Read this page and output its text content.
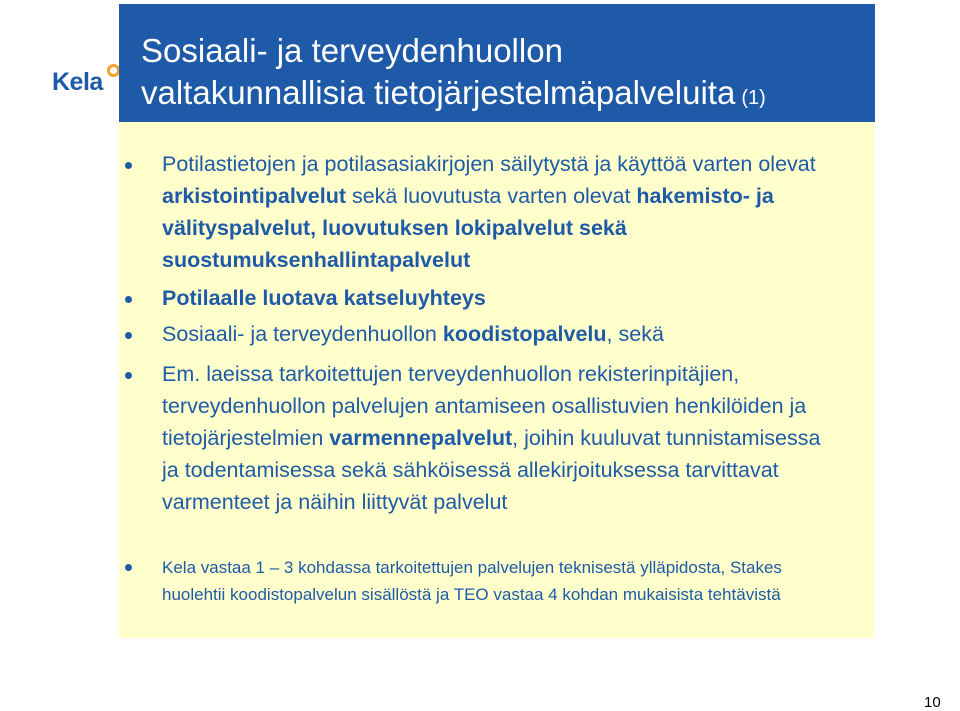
Kela
Sosiaali- ja terveydenhuollon
valtakunnallisia tietojärjestelmäpalveluita (1)
Potilastietojen ja potilasasiakirjojen säilytystä ja käyttöä varten olevat arkistointipalvelut sekä luovutusta varten olevat hakemisto- ja välityspalvelut, luovutuksen lokipalvelut sekä suostumuksenhallintapalvelut
Potilaalle luotava katseluyhteys
Sosiaali- ja terveydenhuollon koodistopalvelu, sekä
Em. laeissa tarkoitettujen terveydenhuollon rekisterinpitäjien, terveydenhuollon palvelujen antamiseen osallistuvien henkilöiden ja tietojärjestelmien varmennepalvelut, joihin kuuluvat tunnistamisessa ja todentamisessa sekä sähköisessä allekirjoituksessa tarvittavat varmenteet ja näihin liittyvät palvelut
Kela vastaa 1 – 3 kohdassa tarkoitettujen palvelujen teknisestä ylläpidosta, Stakes huolehtii koodistopalvelun sisällöstä ja TEO vastaa 4 kohdan mukaisista tehtävistä
10
